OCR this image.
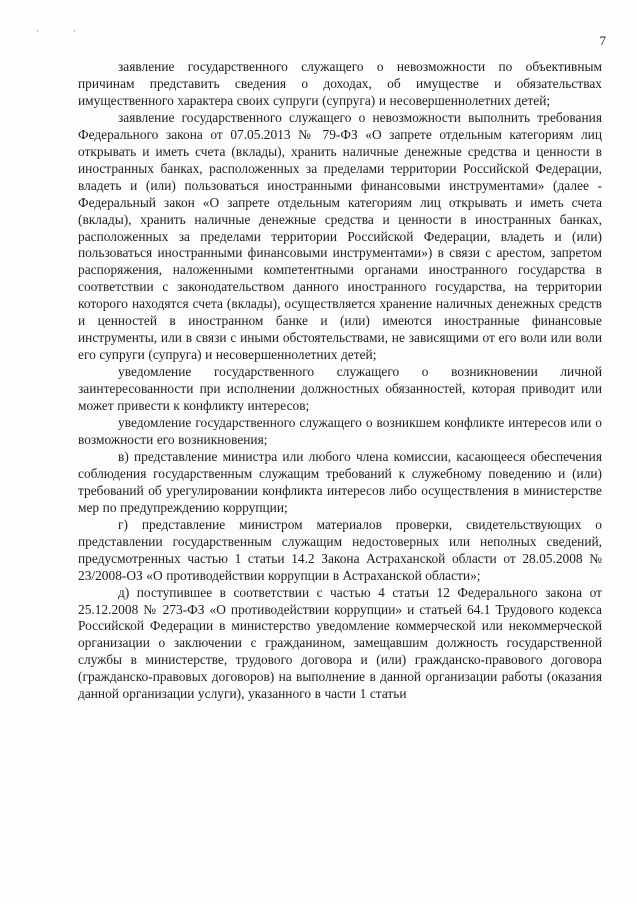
·	·
7

заявление государственного служащего о невозможности по объективным причинам представить сведения о доходах, об имуществе и обязательствах имущественного характера своих супруги (супруга) и несовершеннолетних детей;

заявление государственного служащего о невозможности выполнить требования Федерального закона от 07.05.2013 № 79-ФЗ «О запрете отдельным категориям лиц открывать и иметь счета (вклады), хранить наличные денежные средства и ценности в иностранных банках, расположенных за пределами территории Российской Федерации, владеть и (или) пользоваться иностранными финансовыми инструментами» (далее - Федеральный закон «О запрете отдельным категориям лиц открывать и иметь счета (вклады), хранить наличные денежные средства и ценности в иностранных банках, расположенных за пределами территории Российской Федерации, владеть и (или) пользоваться иностранными финансовыми инструментами») в связи с арестом, запретом распоряжения, наложенными компетентными органами иностранного государства в соответствии с законодательством данного иностранного государства, на территории которого находятся счета (вклады), осуществляется хранение наличных денежных средств и ценностей в иностранном банке и (или) имеются иностранные финансовые инструменты, или в связи с иными обстоятельствами, не зависящими от его воли или воли его супруги (супруга) и несовершеннолетних детей;

уведомление государственного служащего о возникновении личной заинтересованности при исполнении должностных обязанностей, которая приводит или может привести к конфликту интересов;

уведомление государственного служащего о возникшем конфликте интересов или о возможности его возникновения;

в) представление министра или любого члена комиссии, касающееся обеспечения соблюдения государственным служащим требований к служебному поведению и (или) требований об урегулировании конфликта интересов либо осуществления в министерстве мер по предупреждению коррупции;

г) представление министром материалов проверки, свидетельствующих о представлении государственным служащим недостоверных или неполных сведений, предусмотренных частью 1 статьи 14.2 Закона Астраханской области от 28.05.2008 № 23/2008-ОЗ «О противодействии коррупции в Астраханской области»;

д) поступившее в соответствии с частью 4 статьи 12 Федерального закона от 25.12.2008 № 273-ФЗ «О противодействии коррупции» и статьей 64.1 Трудового кодекса Российской Федерации в министерство уведомление коммерческой или некоммерческой организации о заключении с гражданином, замещавшим должность государственной службы в министерстве, трудового договора и (или) гражданско-правового договора (гражданско-правовых договоров) на выполнение в данной организации работы (оказания данной организации услуги), указанного в части 1 статьи
